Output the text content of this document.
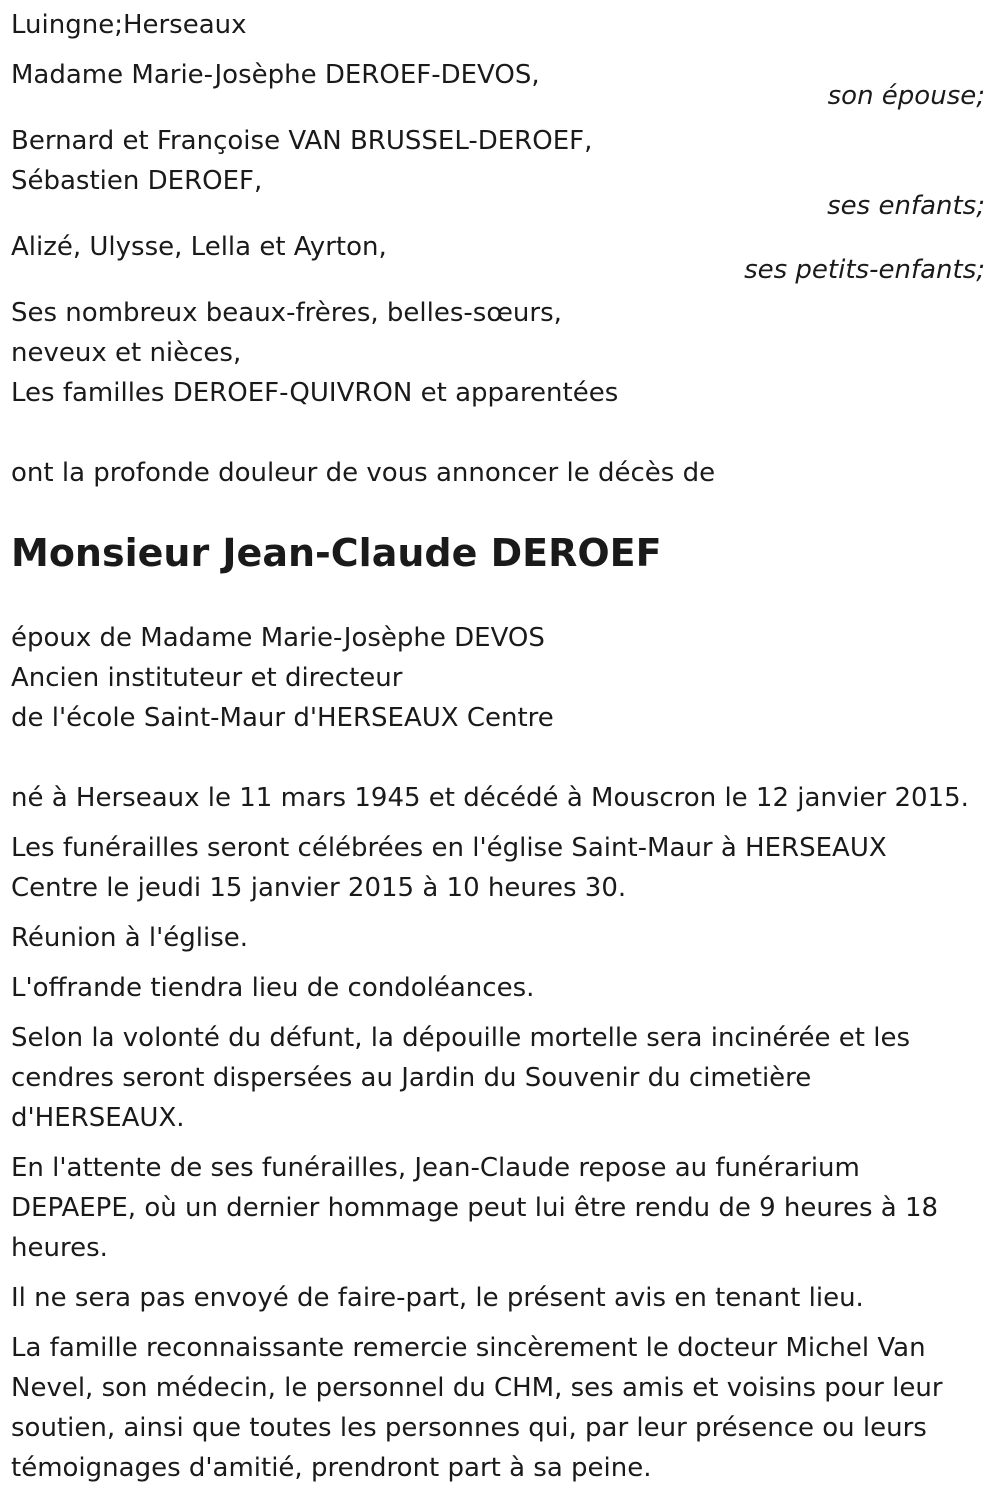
Luingne;Herseaux
Madame Marie-Josèphe DEROEF-DEVOS,
son épouse;
Bernard et Françoise VAN BRUSSEL-DEROEF,
Sébastien DEROEF,
ses enfants;
Alizé, Ulysse, Lella et Ayrton,
ses petits-enfants;
Ses nombreux beaux-frères, belles-sœurs,
neveux et nièces,
Les familles DEROEF-QUIVRON et apparentées
ont la profonde douleur de vous annoncer le décès de
Monsieur Jean-Claude DEROEF
époux de Madame Marie-Josèphe DEVOS
Ancien instituteur et directeur
de l'école Saint-Maur d'HERSEAUX Centre
né à Herseaux le 11 mars 1945 et décédé à Mouscron le 12 janvier 2015.
Les funérailles seront célébrées en l'église Saint-Maur à HERSEAUX Centre le jeudi 15 janvier 2015 à 10 heures 30.
Réunion à l'église.
L'offrande tiendra lieu de condoléances.
Selon la volonté du défunt, la dépouille mortelle sera incinérée et les cendres seront dispersées au Jardin du Souvenir du cimetière d'HERSEAUX.
En l'attente de ses funérailles, Jean-Claude repose au funérarium DEPAEPE, où un dernier hommage peut lui être rendu de 9 heures à 18 heures.
Il ne sera pas envoyé de faire-part, le présent avis en tenant lieu.
La famille reconnaissante remercie sincèrement le docteur Michel Van Nevel, son médecin, le personnel du CHM, ses amis et voisins pour leur soutien, ainsi que toutes les personnes qui, par leur présence ou leurs témoignages d'amitié, prendront part à sa peine.
